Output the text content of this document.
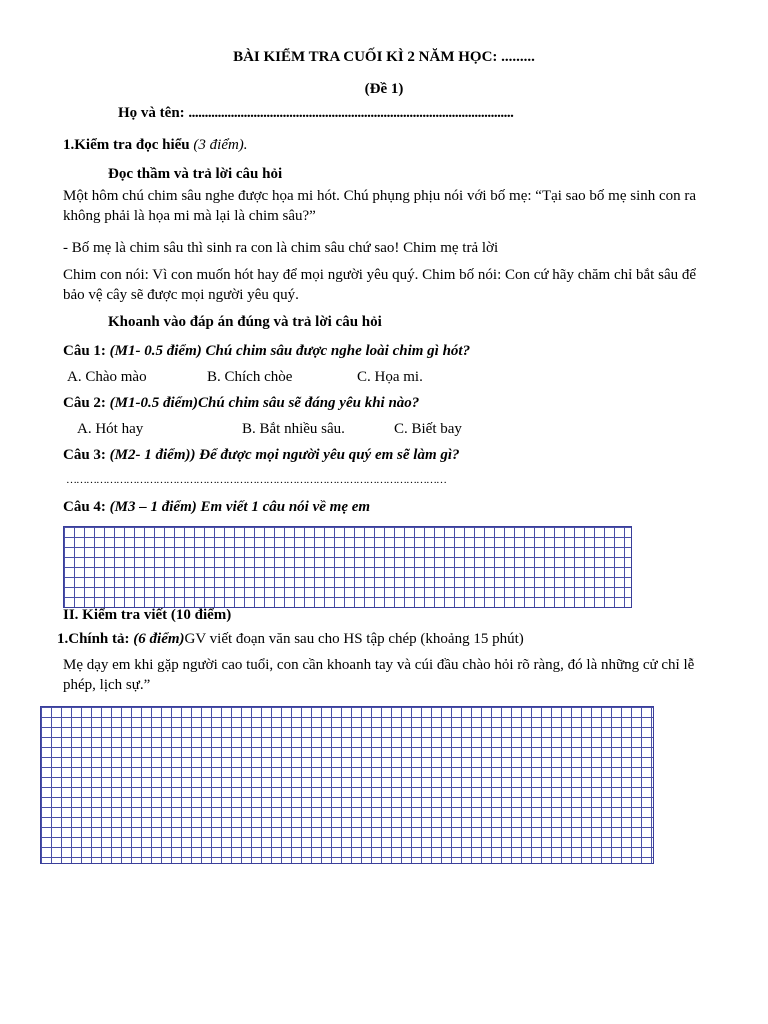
BÀI KIỂM TRA CUỐI KÌ 2 NĂM HỌC: .........
(Đề 1)
Họ và tên: ....................................................................................................
1.Kiểm tra đọc hiểu (3 điểm).
Đọc thầm và trả lời câu hỏi
Một hôm chú chim sâu nghe được họa mi hót. Chú phụng phịu nói với bố mẹ: “Tại sao bố mẹ sinh con ra không phải là họa mi mà lại là chim sâu?”
- Bố mẹ là chim sâu thì sinh ra con là chim sâu chứ sao! Chim mẹ trả lời
Chim con nói: Vì con muốn hót hay để mọi người yêu quý. Chim bố nói: Con cứ hãy chăm chỉ bắt sâu để bảo vệ cây sẽ được mọi người yêu quý.
Khoanh vào đáp án đúng và trả lời câu hỏi
Câu 1: (M1- 0.5 điểm) Chú chim sâu được nghe loài chim gì hót?
A. Chào mào	B. Chích chòe	C. Họa mi.
Câu 2: (M1-0.5 điểm)Chú chim sâu sẽ đáng yêu khi nào?
A. Hót hay	B. Bắt nhiều sâu.	C. Biết bay
Câu 3: (M2- 1 điểm)) Để được mọi người yêu quý em sẽ làm gì?
……………………………………………………………………………………………………
Câu 4: (M3 – 1 điểm) Em viết 1 câu nói về mẹ em
II. Kiểm tra viết (10 điểm)
1.Chính tả: (6 điểm)GV viết đoạn văn sau cho HS tập chép (khoảng 15 phút)
Mẹ dạy em khi gặp người cao tuổi, con cần khoanh tay và cúi đầu chào hỏi rõ ràng, đó là những cử chỉ lễ phép, lịch sự.”
